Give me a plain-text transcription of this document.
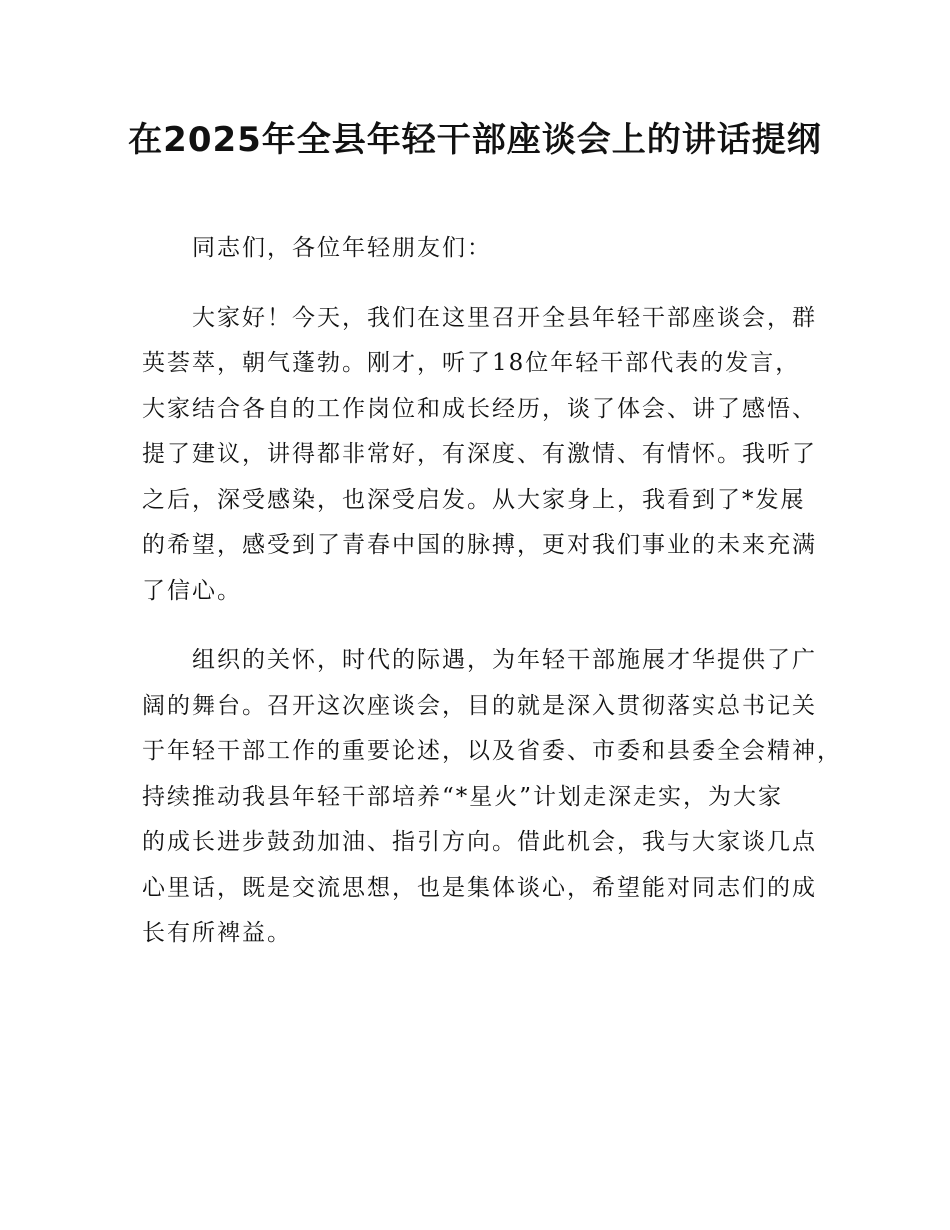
在2025年全县年轻干部座谈会上的讲话提纲

同志们，各位年轻朋友们：

大家好！今天，我们在这里召开全县年轻干部座谈会，群
英荟萃，朝气蓬勃。刚才，听了18位年轻干部代表的发言，
大家结合各自的工作岗位和成长经历，谈了体会、讲了感悟、
提了建议，讲得都非常好，有深度、有激情、有情怀。我听了
之后，深受感染，也深受启发。从大家身上，我看到了*发展
的希望，感受到了青春中国的脉搏，更对我们事业的未来充满
了信心。

组织的关怀，时代的际遇，为年轻干部施展才华提供了广
阔的舞台。召开这次座谈会，目的就是深入贯彻落实总书记关
于年轻干部工作的重要论述，以及省委、市委和县委全会精神，
持续推动我县年轻干部培养“*星火”计划走深走实，为大家
的成长进步鼓劲加油、指引方向。借此机会，我与大家谈几点
心里话，既是交流思想，也是集体谈心，希望能对同志们的成
长有所裨益。
